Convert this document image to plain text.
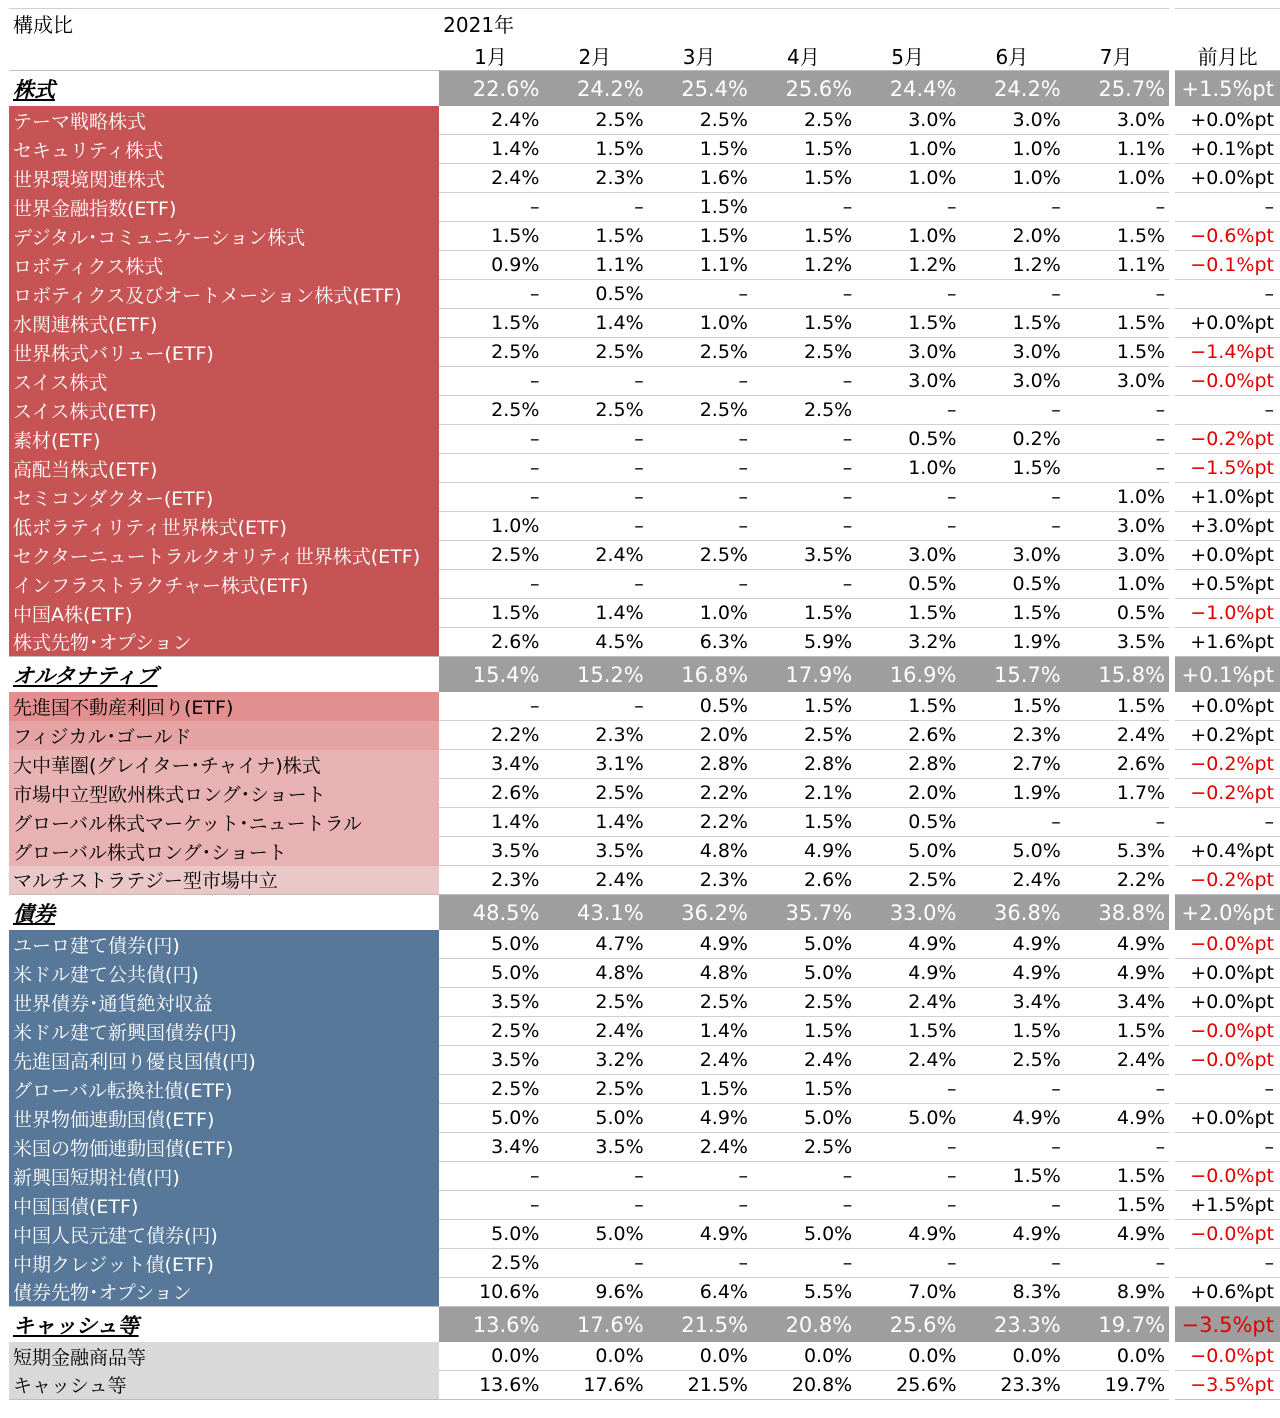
構成比	2021年								
	1月	2月	3月	4月	5月	6月	7月		前月比
株式	22.6%	24.2%	25.4%	25.6%	24.4%	24.2%	25.7%		+1.5%pt
テーマ戦略株式	2.4%	2.5%	2.5%	2.5%	3.0%	3.0%	3.0%		+0.0%pt
セキュリティ株式	1.4%	1.5%	1.5%	1.5%	1.0%	1.0%	1.1%		+0.1%pt
世界環境関連株式	2.4%	2.3%	1.6%	1.5%	1.0%	1.0%	1.0%		+0.0%pt
世界金融指数(ETF)	–	–	1.5%	–	–	–	–		–
デジタル･コミュニケーション株式	1.5%	1.5%	1.5%	1.5%	1.0%	2.0%	1.5%		−0.6%pt
ロボティクス株式	0.9%	1.1%	1.1%	1.2%	1.2%	1.2%	1.1%		−0.1%pt
ロボティクス及びオートメーション株式(ETF)	–	0.5%	–	–	–	–	–		–
水関連株式(ETF)	1.5%	1.4%	1.0%	1.5%	1.5%	1.5%	1.5%		+0.0%pt
世界株式バリュー(ETF)	2.5%	2.5%	2.5%	2.5%	3.0%	3.0%	1.5%		−1.4%pt
スイス株式	–	–	–	–	3.0%	3.0%	3.0%		−0.0%pt
スイス株式(ETF)	2.5%	2.5%	2.5%	2.5%	–	–	–		–
素材(ETF)	–	–	–	–	0.5%	0.2%	–		−0.2%pt
高配当株式(ETF)	–	–	–	–	1.0%	1.5%	–		−1.5%pt
セミコンダクター(ETF)	–	–	–	–	–	–	1.0%		+1.0%pt
低ボラティリティ世界株式(ETF)	1.0%	–	–	–	–	–	3.0%		+3.0%pt
セクターニュートラルクオリティ世界株式(ETF)	2.5%	2.4%	2.5%	3.5%	3.0%	3.0%	3.0%		+0.0%pt
インフラストラクチャー株式(ETF)	–	–	–	–	0.5%	0.5%	1.0%		+0.5%pt
中国A株(ETF)	1.5%	1.4%	1.0%	1.5%	1.5%	1.5%	0.5%		−1.0%pt
株式先物･オプション	2.6%	4.5%	6.3%	5.9%	3.2%	1.9%	3.5%		+1.6%pt
オルタナティブ	15.4%	15.2%	16.8%	17.9%	16.9%	15.7%	15.8%		+0.1%pt
先進国不動産利回り(ETF)	–	–	0.5%	1.5%	1.5%	1.5%	1.5%		+0.0%pt
フィジカル･ゴールド	2.2%	2.3%	2.0%	2.5%	2.6%	2.3%	2.4%		+0.2%pt
大中華圏(グレイター･チャイナ)株式	3.4%	3.1%	2.8%	2.8%	2.8%	2.7%	2.6%		−0.2%pt
市場中立型欧州株式ロング･ショート	2.6%	2.5%	2.2%	2.1%	2.0%	1.9%	1.7%		−0.2%pt
グローバル株式マーケット･ニュートラル	1.4%	1.4%	2.2%	1.5%	0.5%	–	–		–
グローバル株式ロング･ショート	3.5%	3.5%	4.8%	4.9%	5.0%	5.0%	5.3%		+0.4%pt
マルチストラテジー型市場中立	2.3%	2.4%	2.3%	2.6%	2.5%	2.4%	2.2%		−0.2%pt
債券	48.5%	43.1%	36.2%	35.7%	33.0%	36.8%	38.8%		+2.0%pt
ユーロ建て債券(円)	5.0%	4.7%	4.9%	5.0%	4.9%	4.9%	4.9%		−0.0%pt
米ドル建て公共債(円)	5.0%	4.8%	4.8%	5.0%	4.9%	4.9%	4.9%		+0.0%pt
世界債券･通貨絶対収益	3.5%	2.5%	2.5%	2.5%	2.4%	3.4%	3.4%		+0.0%pt
米ドル建て新興国債券(円)	2.5%	2.4%	1.4%	1.5%	1.5%	1.5%	1.5%		−0.0%pt
先進国高利回り優良国債(円)	3.5%	3.2%	2.4%	2.4%	2.4%	2.5%	2.4%		−0.0%pt
グローバル転換社債(ETF)	2.5%	2.5%	1.5%	1.5%	–	–	–		–
世界物価連動国債(ETF)	5.0%	5.0%	4.9%	5.0%	5.0%	4.9%	4.9%		+0.0%pt
米国の物価連動国債(ETF)	3.4%	3.5%	2.4%	2.5%	–	–	–		–
新興国短期社債(円)	–	–	–	–	–	1.5%	1.5%		−0.0%pt
中国国債(ETF)	–	–	–	–	–	–	1.5%		+1.5%pt
中国人民元建て債券(円)	5.0%	5.0%	4.9%	5.0%	4.9%	4.9%	4.9%		−0.0%pt
中期クレジット債(ETF)	2.5%	–	–	–	–	–	–		–
債券先物･オプション	10.6%	9.6%	6.4%	5.5%	7.0%	8.3%	8.9%		+0.6%pt
キャッシュ等	13.6%	17.6%	21.5%	20.8%	25.6%	23.3%	19.7%		−3.5%pt
短期金融商品等	0.0%	0.0%	0.0%	0.0%	0.0%	0.0%	0.0%		−0.0%pt
キャッシュ等	13.6%	17.6%	21.5%	20.8%	25.6%	23.3%	19.7%		−3.5%pt
